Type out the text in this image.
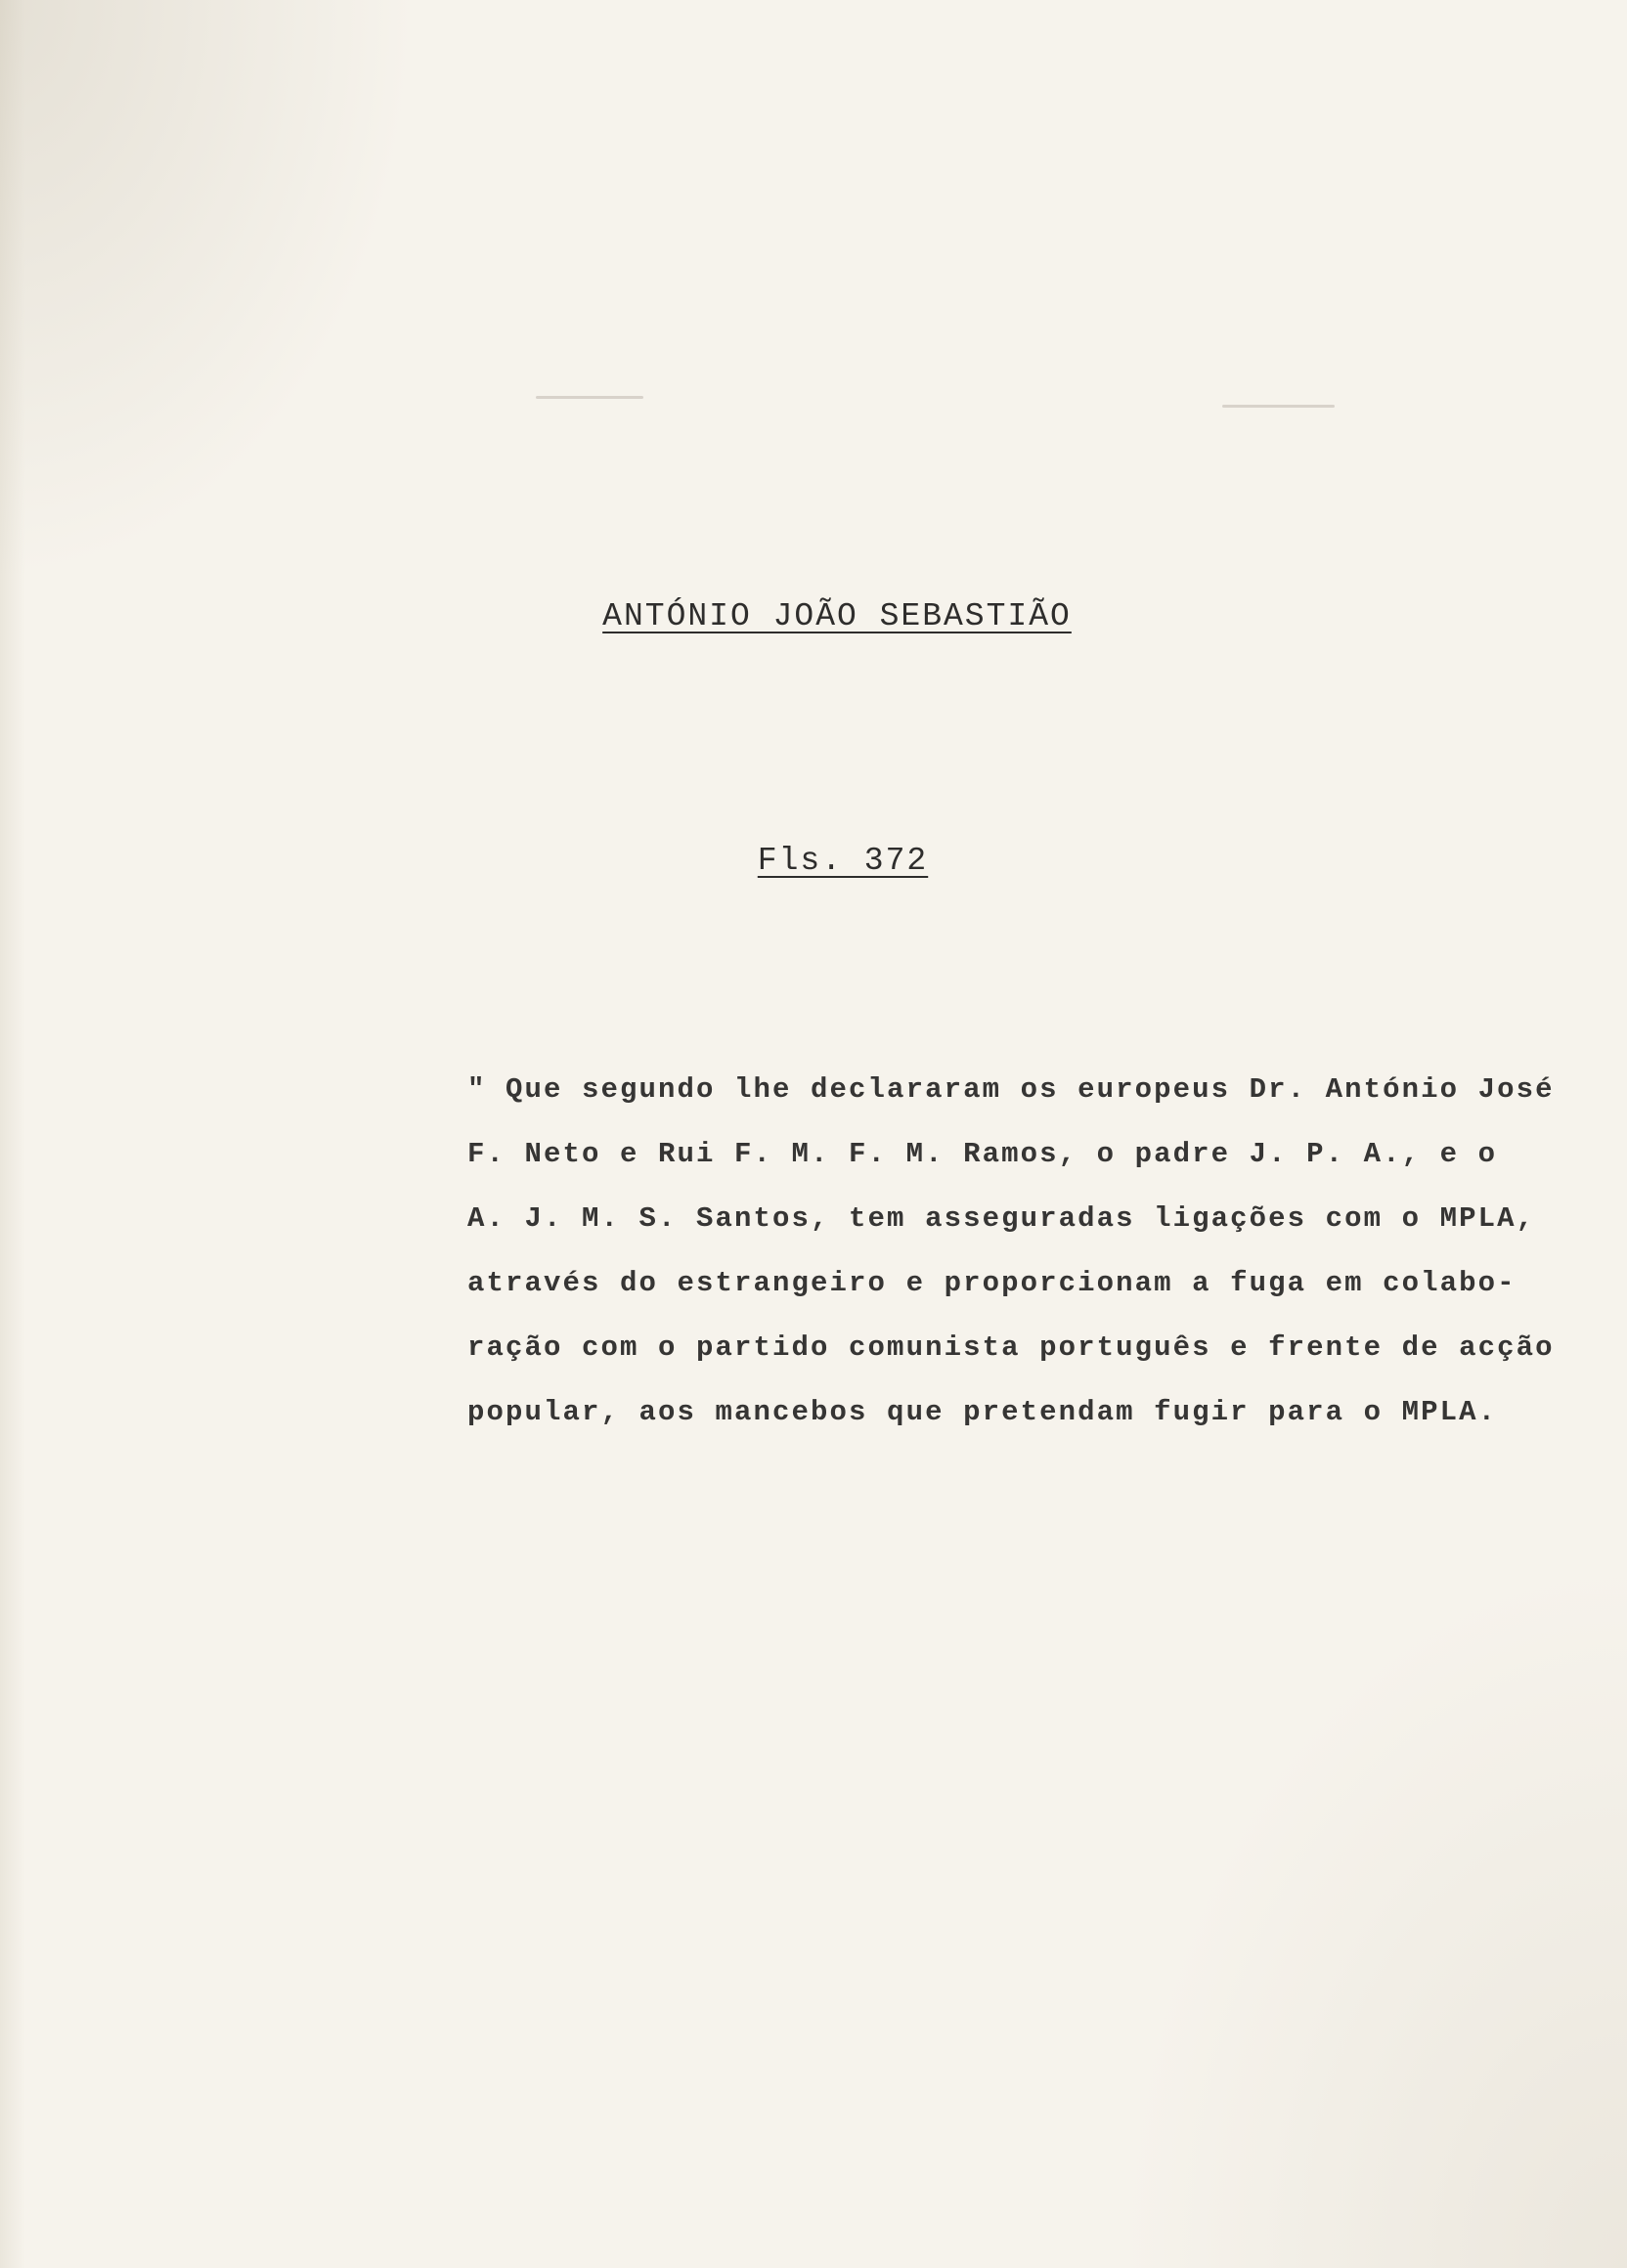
ANTÓNIO JOÃO SEBASTIÃO
Fls. 372
" Que segundo lhe declararam os europeus Dr. António José
F. Neto e Rui F. M. F. M. Ramos, o padre J. P. A., e o
A. J. M. S. Santos, tem asseguradas ligações com o MPLA,
através do estrangeiro e proporcionam a fuga em colabo-
ração com o partido comunista português e frente de acção
popular, aos mancebos que pretendam fugir para o MPLA.
